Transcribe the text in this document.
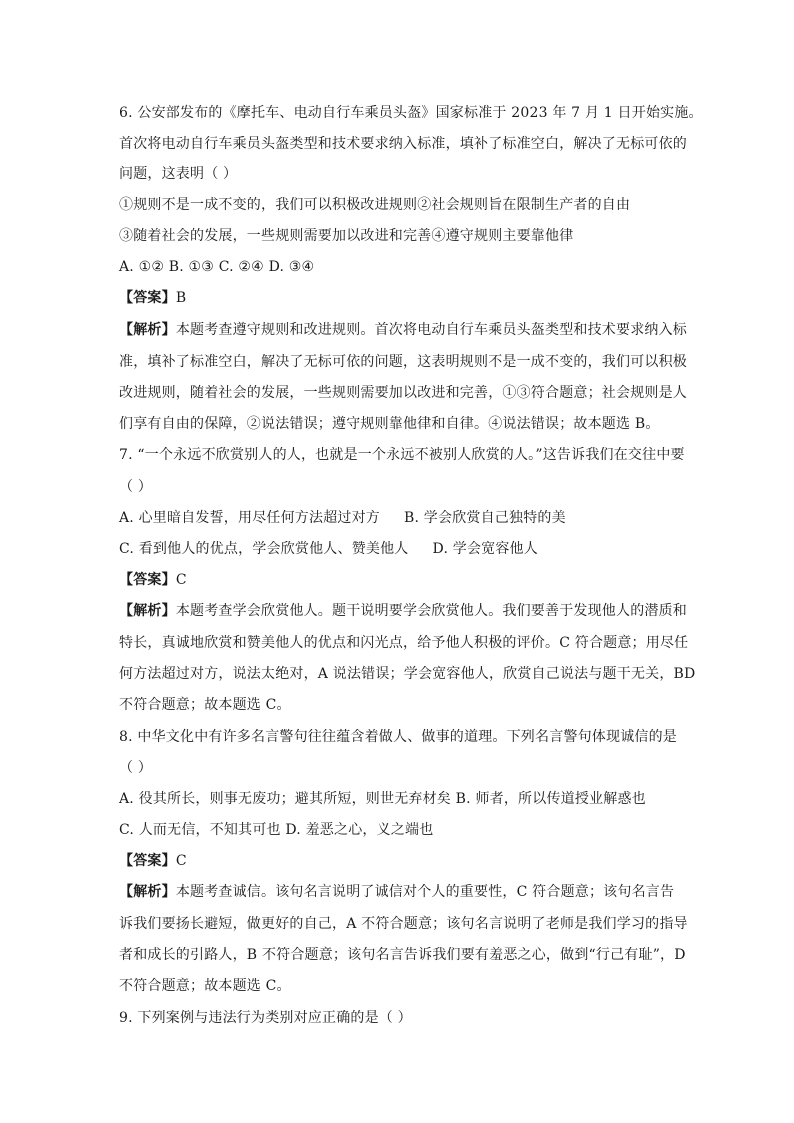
6. 公安部发布的《摩托车、电动自行车乘员头盔》国家标准于 2023 年 7 月 1 日开始实施。
首次将电动自行车乘员头盔类型和技术要求纳入标准，填补了标准空白，解决了无标可依的
问题，这表明（ ）
①规则不是一成不变的，我们可以积极改进规则②社会规则旨在限制生产者的自由
③随着社会的发展，一些规则需要加以改进和完善④遵守规则主要靠他律
A. ①② B. ①③ C. ②④ D. ③④
【答案】B
【解析】本题考查遵守规则和改进规则。首次将电动自行车乘员头盔类型和技术要求纳入标
准，填补了标准空白，解决了无标可依的问题，这表明规则不是一成不变的，我们可以积极
改进规则，随着社会的发展，一些规则需要加以改进和完善，①③符合题意；社会规则是人
们享有自由的保障，②说法错误；遵守规则靠他律和自律。④说法错误；故本题选 B。
7. “一个永远不欣赏别人的人，也就是一个永远不被别人欣赏的人。”这告诉我们在交往中要
（ ）
A. 心里暗自发誓，用尽任何方法超过对方 B. 学会欣赏自己独特的美
C. 看到他人的优点，学会欣赏他人、赞美他人 D. 学会宽容他人
【答案】C
【解析】本题考查学会欣赏他人。题干说明要学会欣赏他人。我们要善于发现他人的潜质和
特长，真诚地欣赏和赞美他人的优点和闪光点，给予他人积极的评价。C 符合题意；用尽任
何方法超过对方，说法太绝对，A 说法错误；学会宽容他人，欣赏自己说法与题干无关，BD
不符合题意；故本题选 C。
8. 中华文化中有许多名言警句往往蕴含着做人、做事的道理。下列名言警句体现诚信的是
（ ）
A. 役其所长，则事无废功；避其所短，则世无弃材矣 B. 师者，所以传道授业解惑也
C. 人而无信，不知其可也 D. 羞恶之心，义之端也
【答案】C
【解析】本题考查诚信。该句名言说明了诚信对个人的重要性，C 符合题意；该句名言告
诉我们要扬长避短，做更好的自己，A 不符合题意；该句名言说明了老师是我们学习的指导
者和成长的引路人，B 不符合题意；该句名言告诉我们要有羞恶之心，做到“行己有耻”，D
不符合题意；故本题选 C。
9. 下列案例与违法行为类别对应正确的是（ ）
